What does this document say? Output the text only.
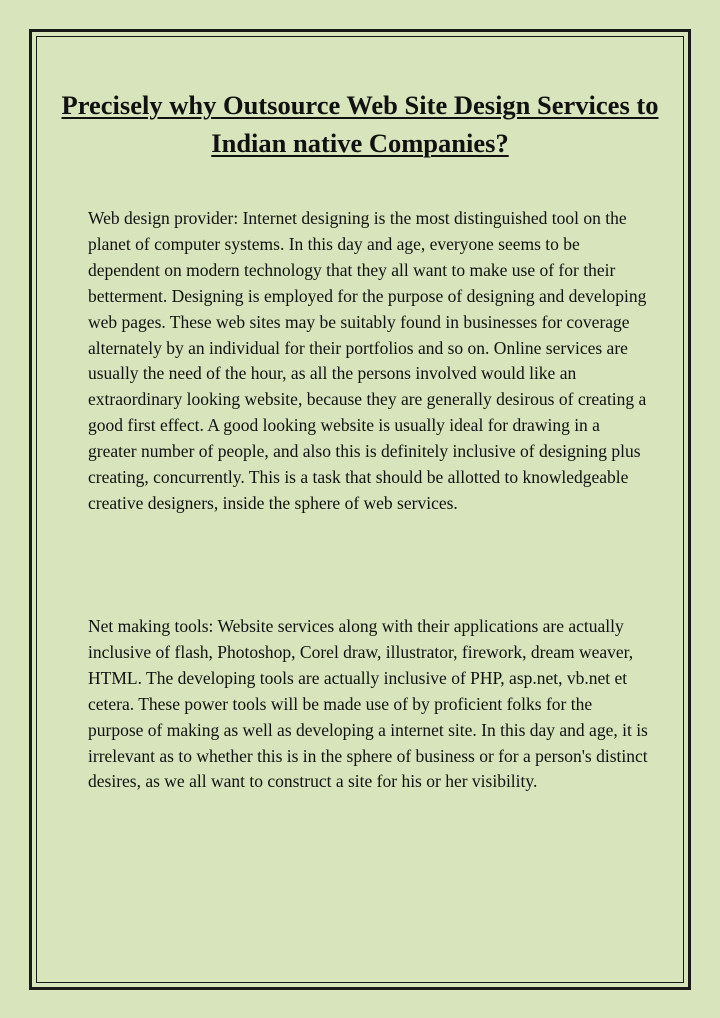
Precisely why Outsource Web Site Design Services to Indian native Companies?

Web design provider: Internet designing is the most distinguished tool on the planet of computer systems. In this day and age, everyone seems to be dependent on modern technology that they all want to make use of for their betterment. Designing is employed for the purpose of designing and developing web pages. These web sites may be suitably found in businesses for coverage alternately by an individual for their portfolios and so on. Online services are usually the need of the hour, as all the persons involved would like an extraordinary looking website, because they are generally desirous of creating a good first effect. A good looking website is usually ideal for drawing in a greater number of people, and also this is definitely inclusive of designing plus creating, concurrently. This is a task that should be allotted to knowledgeable creative designers, inside the sphere of web services.

Net making tools: Website services along with their applications are actually inclusive of flash, Photoshop, Corel draw, illustrator, firework, dream weaver, HTML. The developing tools are actually inclusive of PHP, asp.net, vb.net et cetera. These power tools will be made use of by proficient folks for the purpose of making as well as developing a internet site. In this day and age, it is irrelevant as to whether this is in the sphere of business or for a person's distinct desires, as we all want to construct a site for his or her visibility.
